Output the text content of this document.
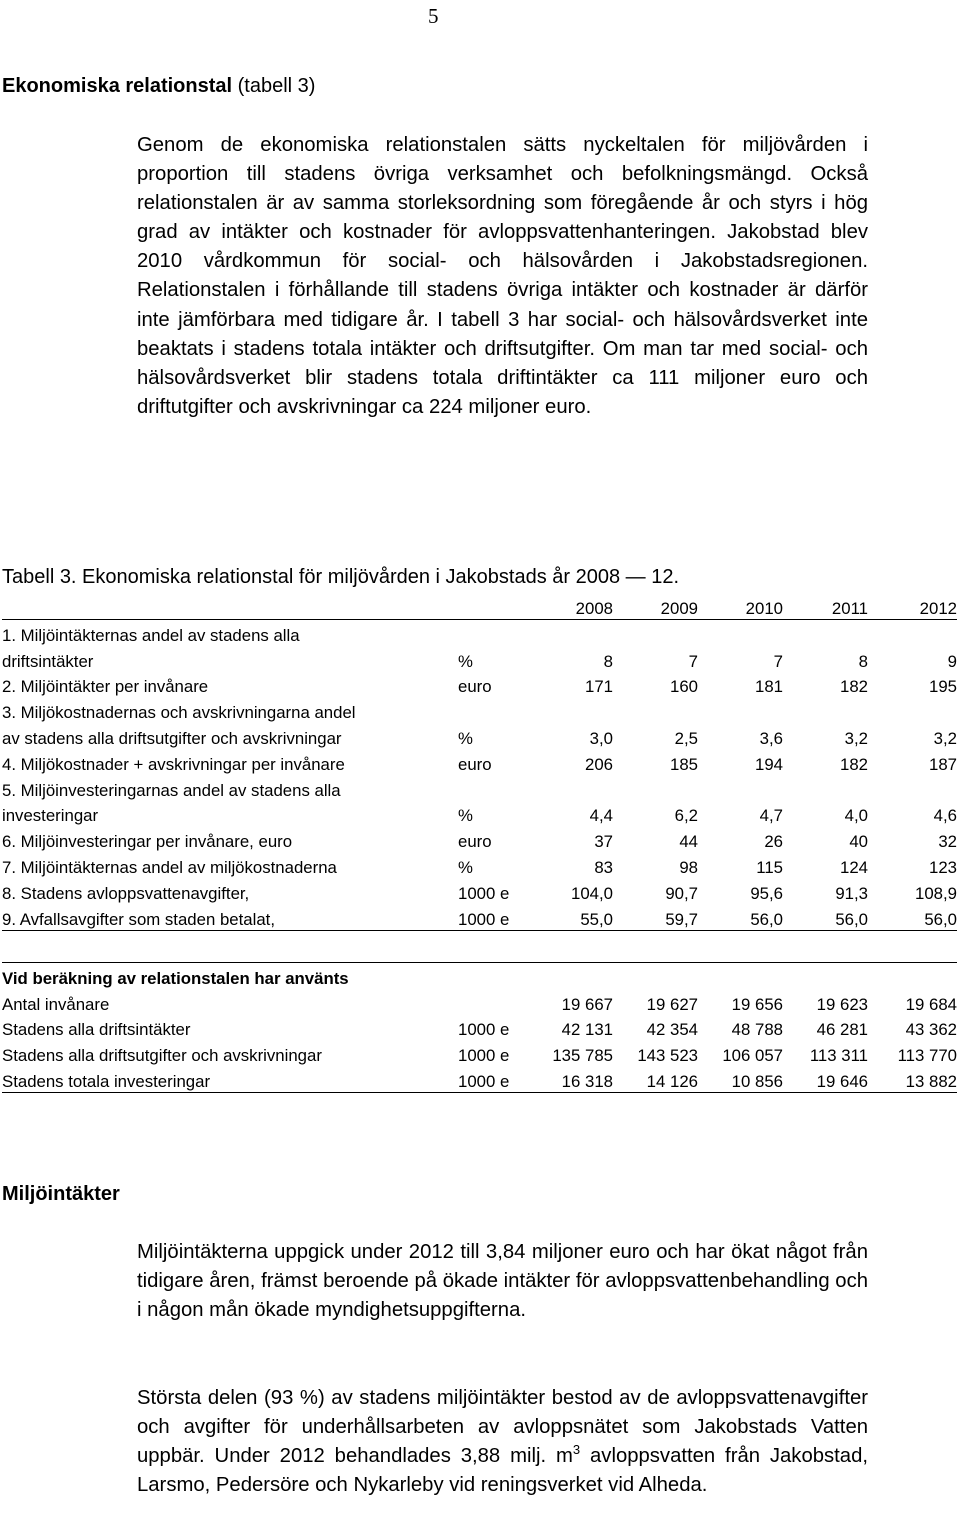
5
Ekonomiska relationstal (tabell 3)

Genom de ekonomiska relationstalen sätts nyckeltalen för miljövården i proportion till stadens övriga verksamhet och befolkningsmängd. Också relationstalen är av samma storleksordning som föregående år och styrs i hög grad av intäkter och kostnader för avloppsvattenhanteringen. Jakobstad blev 2010 vårdkommun för social- och hälsovården i Jakobstadsregionen. Relationstalen i förhållande till stadens övriga intäkter och kostnader är därför inte jämförbara med tidigare år. I tabell 3 har social- och hälsovårdsverket inte beaktats i stadens totala intäkter och driftsutgifter. Om man tar med social- och hälsovårdsverket blir stadens totala driftintäkter ca 111 miljoner euro och driftutgifter och avskrivningar ca 224 miljoner euro.

Tabell 3. Ekonomiska relationstal för miljövården i Jakobstads år 2008 — 12.
		2008	2009	2010	2011	2012
1. Miljöintäkternas andel av stadens alla						
driftsintäkter	%	8	7	7	8	9
2. Miljöintäkter per invånare	euro	171	160	181	182	195
3. Miljökostnadernas och avskrivningarna andel						
av stadens alla driftsutgifter och avskrivningar	%	3,0	2,5	3,6	3,2	3,2
4. Miljökostnader + avskrivningar per invånare	euro	206	185	194	182	187
5. Miljöinvesteringarnas andel av stadens alla						
investeringar	%	4,4	6,2	4,7	4,0	4,6
6. Miljöinvesteringar per invånare, euro	euro	37	44	26	40	32
7. Miljöintäkternas andel av miljökostnaderna	%	83	98	115	124	123
8. Stadens avloppsvattenavgifter,	1000 e	104,0	90,7	95,6	91,3	108,9
9. Avfallsavgifter som staden betalat,	1000 e	55,0	59,7	56,0	56,0	56,0
Vid beräkning av relationstalen har använts						
Antal invånare		19 667	19 627	19 656	19 623	19 684
Stadens alla driftsintäkter	1000 e	42 131	42 354	48 788	46 281	43 362
Stadens alla driftsutgifter och avskrivningar	1000 e	135 785	143 523	106 057	113 311	113 770
Stadens totala investeringar	1000 e	16 318	14 126	10 856	19 646	13 882
Miljöintäkter

Miljöintäkterna uppgick under 2012 till 3,84 miljoner euro och har ökat något från tidigare åren, främst beroende på ökade intäkter för avloppsvattenbehandling och i någon mån ökade myndighetsuppgifterna.

Största delen (93 %) av stadens miljöintäkter bestod av de avloppsvattenavgifter och avgifter för underhållsarbeten av avloppsnätet som Jakobstads Vatten uppbär. Under 2012 behandlades 3,88 milj. $m^3$ avloppsvatten från Jakobstad, Larsmo, Pedersöre och Nykarleby vid reningsverket vid Alheda.
